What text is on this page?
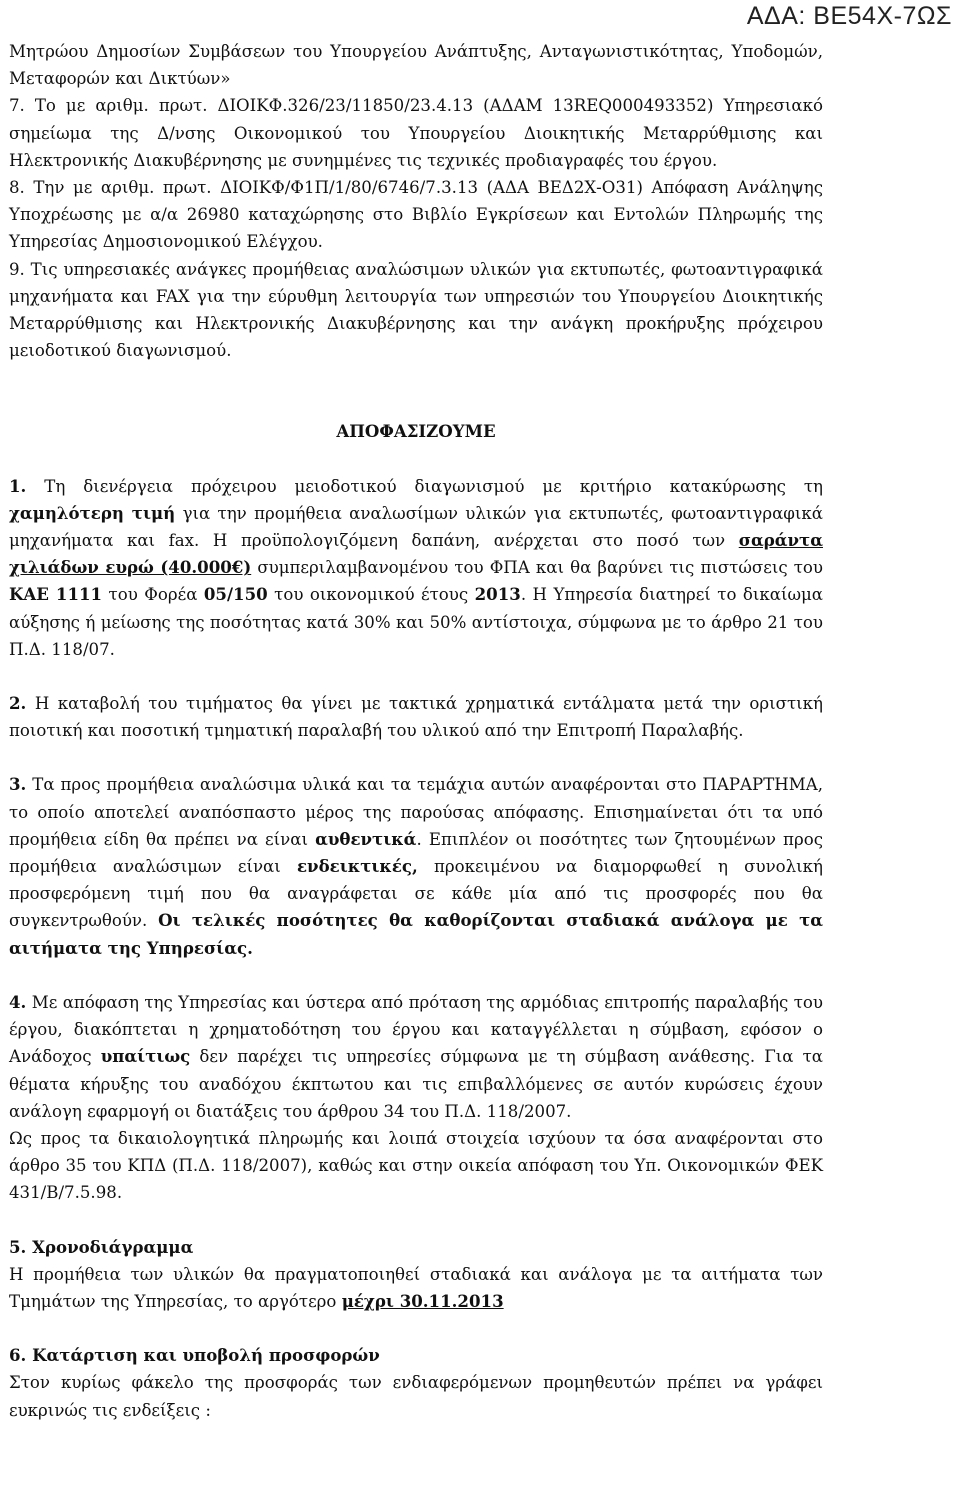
ΑΔΑ: ΒΕ54Χ-7ΩΣ

Μητρώου Δημοσίων Συμβάσεων του Υπουργείου Ανάπτυξης, Ανταγωνιστικότητας, Υποδομών, Μεταφορών και Δικτύων»

7. Το με αριθμ. πρωτ. ΔΙΟΙΚΦ.326/23/11850/23.4.13 (ΑΔΑΜ 13REQ000493352) Υπηρεσιακό σημείωμα της Δ/νσης Οικονομικού του Υπουργείου Διοικητικής Μεταρρύθμισης και Ηλεκτρονικής Διακυβέρνησης με συνημμένες τις τεχνικές προδιαγραφές του έργου.

8. Την με αριθμ. πρωτ. ΔΙΟΙΚΦ/Φ1Π/1/80/6746/7.3.13 (ΑΔΑ ΒΕΔ2Χ-Ο31) Απόφαση Ανάληψης Υποχρέωσης με α/α 26980 καταχώρησης στο Βιβλίο Εγκρίσεων και Εντολών Πληρωμής της Υπηρεσίας Δημοσιονομικού Ελέγχου.

9. Τις υπηρεσιακές ανάγκες προμήθειας αναλώσιμων υλικών για εκτυπωτές, φωτοαντιγραφικά μηχανήματα και FAX για την εύρυθμη λειτουργία των υπηρεσιών του Υπουργείου Διοικητικής Μεταρρύθμισης και Ηλεκτρονικής Διακυβέρνησης και την ανάγκη προκήρυξης πρόχειρου μειοδοτικού διαγωνισμού.

ΑΠΟΦΑΣΙΖΟΥΜΕ

1. Τη διενέργεια πρόχειρου μειοδοτικού διαγωνισμού με κριτήριο κατακύρωσης τη χαμηλότερη τιμή για την προμήθεια αναλωσίμων υλικών για εκτυπωτές, φωτοαντιγραφικά μηχανήματα και fax. Η προϋπολογιζόμενη δαπάνη, ανέρχεται στο ποσό των σαράντα χιλιάδων ευρώ (40.000€) συμπεριλαμβανομένου του ΦΠΑ και θα βαρύνει τις πιστώσεις του ΚΑΕ 1111 του Φορέα 05/150 του οικονομικού έτους 2013. Η Υπηρεσία διατηρεί το δικαίωμα αύξησης ή μείωσης της ποσότητας κατά 30% και 50% αντίστοιχα, σύμφωνα με το άρθρο 21 του Π.Δ. 118/07.

2. Η καταβολή του τιμήματος θα γίνει με τακτικά χρηματικά εντάλματα μετά την οριστική ποιοτική και ποσοτική τμηματική παραλαβή του υλικού από την Επιτροπή Παραλαβής.

3. Τα προς προμήθεια αναλώσιμα υλικά και τα τεμάχια αυτών αναφέρονται στο ΠΑΡΑΡΤΗΜΑ, το οποίο αποτελεί αναπόσπαστο μέρος της παρούσας απόφασης. Επισημαίνεται ότι τα υπό προμήθεια είδη θα πρέπει να είναι αυθεντικά. Επιπλέον οι ποσότητες των ζητουμένων προς προμήθεια αναλώσιμων είναι ενδεικτικές, προκειμένου να διαμορφωθεί η συνολική προσφερόμενη τιμή που θα αναγράφεται σε κάθε μία από τις προσφορές που θα συγκεντρωθούν. Οι τελικές ποσότητες θα καθορίζονται σταδιακά ανάλογα με τα αιτήματα της Υπηρεσίας.

4. Με απόφαση της Υπηρεσίας και ύστερα από πρόταση της αρμόδιας επιτροπής παραλαβής του έργου, διακόπτεται η χρηματοδότηση του έργου και καταγγέλλεται η σύμβαση, εφόσον ο Ανάδοχος υπαίτιως δεν παρέχει τις υπηρεσίες σύμφωνα με τη σύμβαση ανάθεσης. Για τα θέματα κήρυξης του αναδόχου έκπτωτου και τις επιβαλλόμενες σε αυτόν κυρώσεις έχουν ανάλογη εφαρμογή οι διατάξεις του άρθρου 34 του Π.Δ. 118/2007.

Ως προς τα δικαιολογητικά πληρωμής και λοιπά στοιχεία ισχύουν τα όσα αναφέρονται στο άρθρο 35 του ΚΠΔ (Π.Δ. 118/2007), καθώς και στην οικεία απόφαση του Υπ. Οικονομικών ΦΕΚ 431/Β/7.5.98.

5. Χρονοδιάγραμμα

Η προμήθεια των υλικών θα πραγματοποιηθεί σταδιακά και ανάλογα με τα αιτήματα των Τμημάτων της Υπηρεσίας, το αργότερο μέχρι 30.11.2013

6. Κατάρτιση και υποβολή προσφορών

Στον κυρίως φάκελο της προσφοράς των ενδιαφερόμενων προμηθευτών πρέπει να γράφει ευκρινώς τις ενδείξεις :
